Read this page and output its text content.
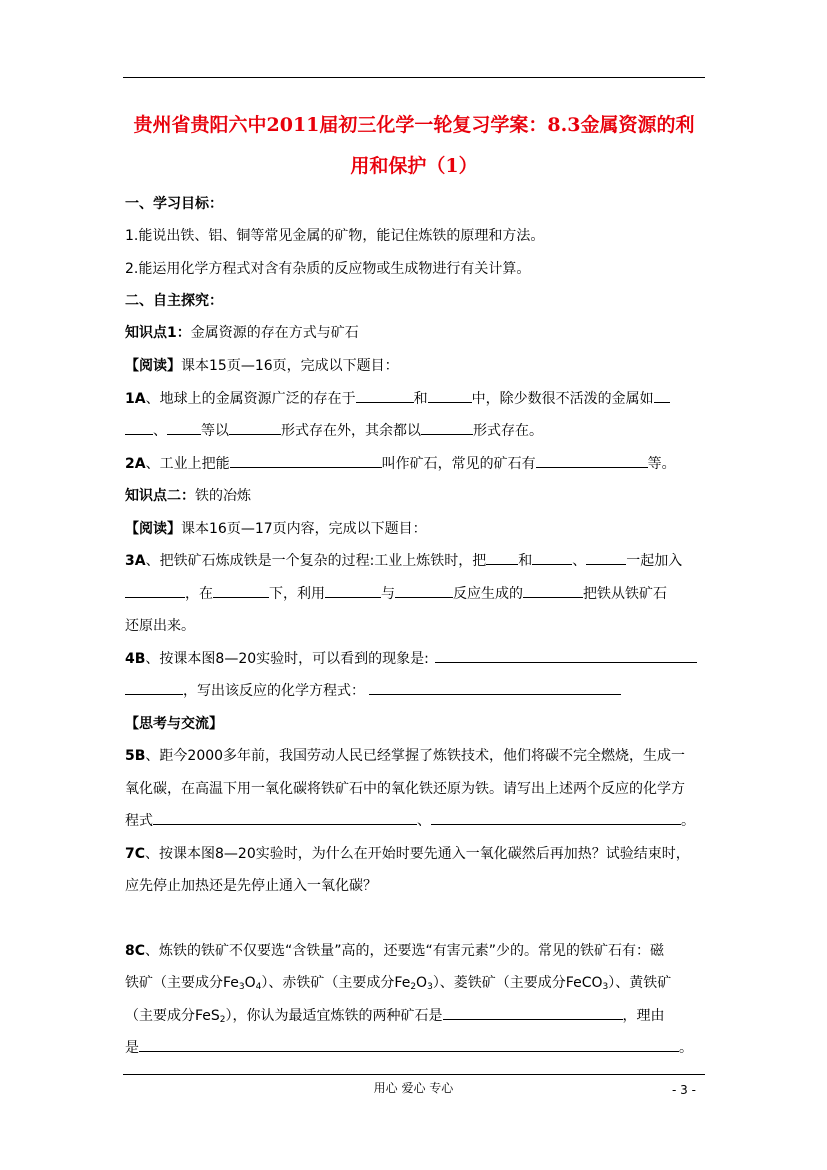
贵州省贵阳六中2011届初三化学一轮复习学案：8.3金属资源的利
用和保护（1）
一、学习目标：
1.能说出铁、铝、铜等常见金属的矿物，能记住炼铁的原理和方法。
2.能运用化学方程式对含有杂质的反应物或生成物进行有关计算。
二、自主探究：
知识点1：金属资源的存在方式与矿石
【阅读】课本15页—16页，完成以下题目：
1A、地球上的金属资源广泛的存在于	和	中，除少数很不活泼的金属如
、 等以	形式存在外，其余都以	形式存在。
2A、工业上把能	叫作矿石，常见的矿石有	等。
知识点二：铁的冶炼
【阅读】课本16页—17页内容，完成以下题目：
3A、把铁矿石炼成铁是一个复杂的过程:工业上炼铁时，把 和	、	一起加入
，在	下，利用	与	反应生成的	把铁从铁矿石
还原出来。
4B、按课本图8—20实验时，可以看到的现象是:
，写出该反应的化学方程式：
【思考与交流】
5B、距今2000多年前，我国劳动人民已经掌握了炼铁技术，他们将碳不完全燃烧，生成一
氧化碳，在高温下用一氧化碳将铁矿石中的氧化铁还原为铁。请写出上述两个反应的化学方
程式	、	。
7C、按课本图8—20实验时，为什么在开始时要先通入一氧化碳然后再加热？试验结束时，
应先停止加热还是先停止通入一氧化碳？
8C、炼铁的铁矿不仅要选“含铁量”高的，还要选“有害元素”少的。常见的铁矿石有：磁
铁矿（主要成分$Fe_3O_4$）、赤铁矿（主要成分$Fe_2O_3$）、菱铁矿（主要成分FeCO$_3$）、黄铁矿
（主要成分FeS$_2$），你认为最适宜炼铁的两种矿石是	，理由
是	。
用心 爱心 专心	- 3 -
